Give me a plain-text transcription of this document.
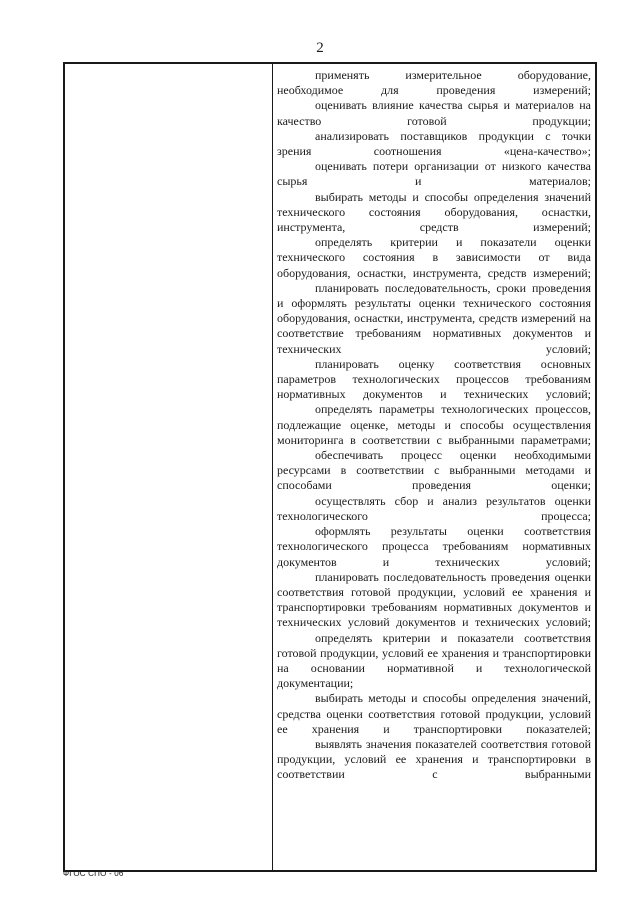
2

применять измерительное оборудование, необходимое для проведения измерений;

оценивать влияние качества сырья и материалов на качество готовой продукции;

анализировать поставщиков продукции с точки зрения соотношения «цена-качество»;

оценивать потери организации от низкого качества сырья и материалов;

выбирать методы и способы определения значений технического состояния оборудования, оснастки, инструмента, средств измерений;

определять критерии и показатели оценки технического состояния в зависимости от вида оборудования, оснастки, инструмента, средств измерений;

планировать последовательность, сроки проведения и оформлять результаты оценки технического состояния оборудования, оснастки, инструмента, средств измерений на соответствие требованиям нормативных документов и технических условий;

планировать оценку соответствия основных параметров технологических процессов требованиям нормативных документов и технических условий;

определять параметры технологических процессов, подлежащие оценке, методы и способы осуществления мониторинга в соответствии с выбранными параметрами;

обеспечивать процесс оценки необходимыми ресурсами в соответствии с выбранными методами и способами проведения оценки;

осуществлять сбор и анализ результатов оценки технологического процесса;

оформлять результаты оценки соответствия технологического процесса требованиям нормативных документов и технических условий;

планировать последовательность проведения оценки соответствия готовой продукции, условий ее хранения и транспортировки требованиям нормативных документов и технических условий документов и технических условий;

определять критерии и показатели соответствия готовой продукции, условий ее хранения и транспортировки на основании нормативной и технологической документации;

выбирать методы и способы определения значений, средства оценки соответствия готовой продукции, условий ее хранения и транспортировки показателей;

выявлять значения показателей соответствия готовой продукции, условий ее хранения и транспортировки в соответствии с выбранными

ФГОС СПО - 06
